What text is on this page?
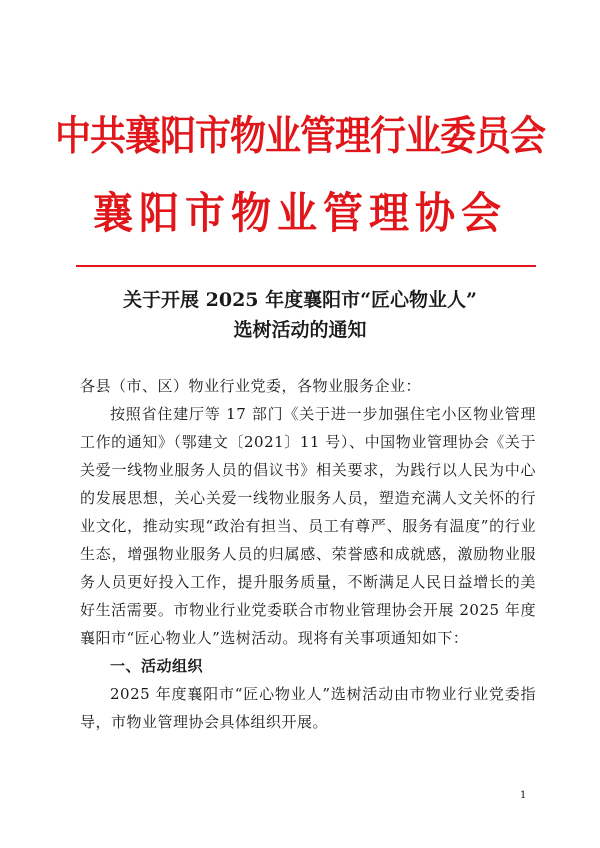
中共襄阳市物业管理行业委员会
襄阳市物业管理协会
关于开展 2025 年度襄阳市“匠心物业人”
选树活动的通知

各县（市、区）物业行业党委，各物业服务企业：

按照省住建厅等 17 部门《关于进一步加强住宅小区物业管理工作的通知》（鄂建文〔2021〕11 号）、中国物业管理协会《关于关爱一线物业服务人员的倡议书》相关要求，为践行以人民为中心的发展思想，关心关爱一线物业服务人员，塑造充满人文关怀的行业文化，推动实现“政治有担当、员工有尊严、服务有温度”的行业生态，增强物业服务人员的归属感、荣誉感和成就感，激励物业服务人员更好投入工作，提升服务质量，不断满足人民日益增长的美好生活需要。市物业行业党委联合市物业管理协会开展 2025 年度襄阳市“匠心物业人”选树活动。现将有关事项通知如下：

一、活动组织

2025 年度襄阳市“匠心物业人”选树活动由市物业行业党委指导，市物业管理协会具体组织开展。

1
